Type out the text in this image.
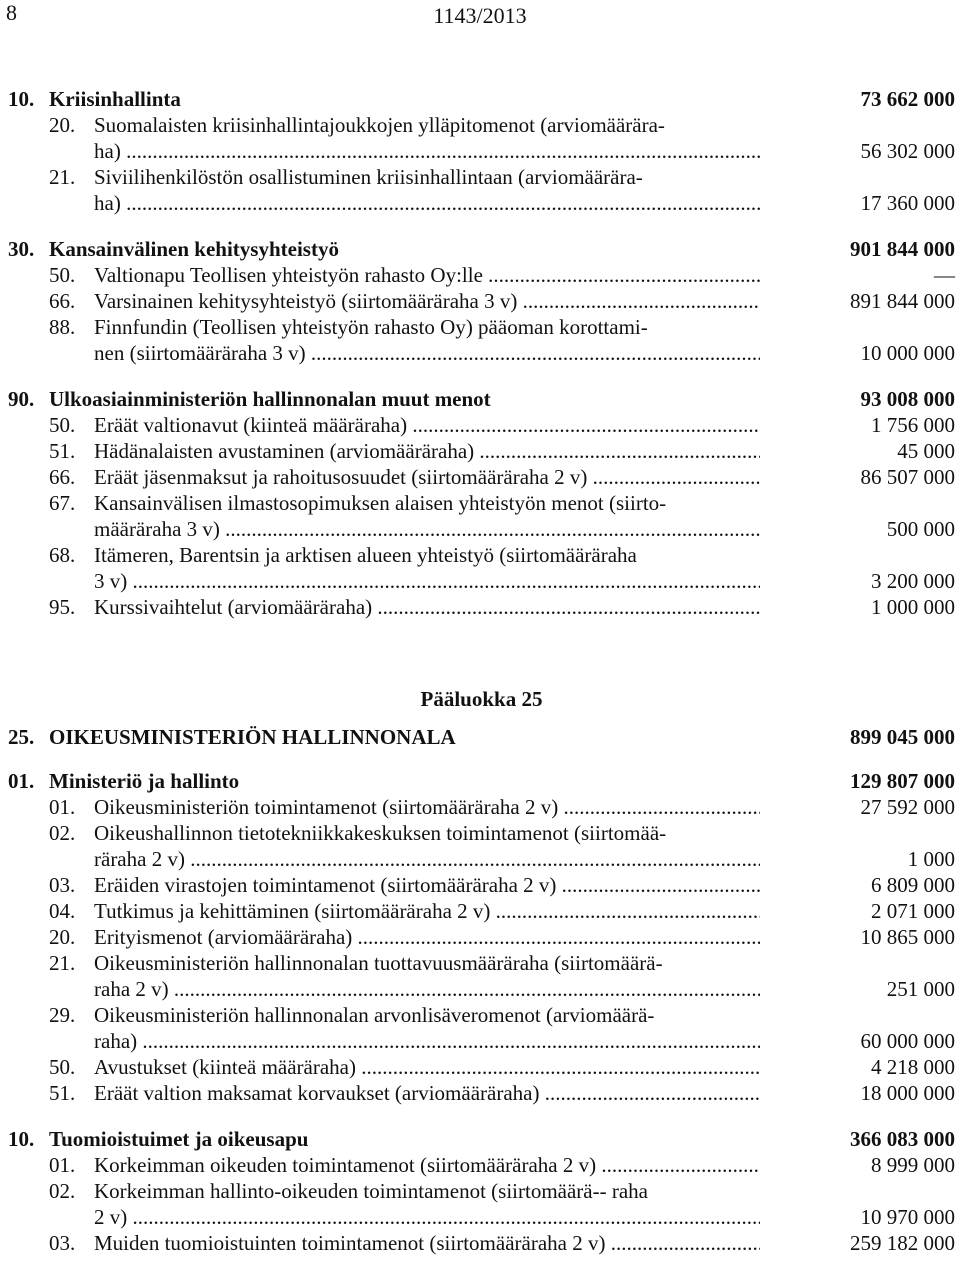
8	1143/2013
10. Kriisinhallinta	73 662 000
20. Suomalaisten kriisinhallintajoukkojen ylläpitomenot (arviomäärära-
ha) .....	56 302 000
21. Siviilihenkilöstön osallistuminen kriisinhallintaan (arviomäärära-
ha) .....	17 360 000
30. Kansainvälinen kehitysyhteistyö	901 844 000
50. Valtionapu Teollisen yhteistyön rahasto Oy:lle .....	—
66. Varsinainen kehitysyhteistyö (siirtomääräraha 3 v) .....	891 844 000
88. Finnfundin (Teollisen yhteistyön rahasto Oy) pääoman korottami-
nen (siirtomääräraha 3 v) .....	10 000 000
90. Ulkoasiainministeriön hallinnonalan muut menot	93 008 000
50. Eräät valtionavut (kiinteä määräraha) .....	1 756 000
51. Hädänalaisten avustaminen (arviomääräraha) .....	45 000
66. Eräät jäsenmaksut ja rahoitusosuudet (siirtomääräraha 2 v) .....	86 507 000
67. Kansainvälisen ilmastosopimuksen alaisen yhteistyön menot (siirto-
määräraha 3 v) .....	500 000
68. Itämeren, Barentsin ja arktisen alueen yhteistyö (siirtomääräraha
3 v) .....	3 200 000
95. Kurssivaihtelut (arviomääräraha) .....	1 000 000
Pääluokka 25
25. OIKEUSMINISTERIÖN HALLINNONALA	899 045 000
01. Ministeriö ja hallinto	129 807 000
01. Oikeusministeriön toimintamenot (siirtomääräraha 2 v) .....	27 592 000
02. Oikeushallinnon tietotekniikkakeskuksen toimintamenot (siirtomää-
räraha 2 v) .....	1 000
03. Eräiden virastojen toimintamenot (siirtomääräraha 2 v) .....	6 809 000
04. Tutkimus ja kehittäminen (siirtomääräraha 2 v) .....	2 071 000
20. Erityismenot (arviomääräraha) .....	10 865 000
21. Oikeusministeriön hallinnonalan tuottavuusmääräraha (siirtomäärä-
raha 2 v) .....	251 000
29. Oikeusministeriön hallinnonalan arvonlisäveromenot (arviomäärä-
raha) .....	60 000 000
50. Avustukset (kiinteä määräraha) .....	4 218 000
51. Eräät valtion maksamat korvaukset (arviomääräraha) .....	18 000 000
10. Tuomioistuimet ja oikeusapu	366 083 000
01. Korkeimman oikeuden toimintamenot (siirtomääräraha 2 v) .....	8 999 000
02. Korkeimman hallinto-oikeuden toimintamenot (siirtomäärä-- raha
2 v) .....	10 970 000
03. Muiden tuomioistuinten toimintamenot (siirtomääräraha 2 v) .....	259 182 000
